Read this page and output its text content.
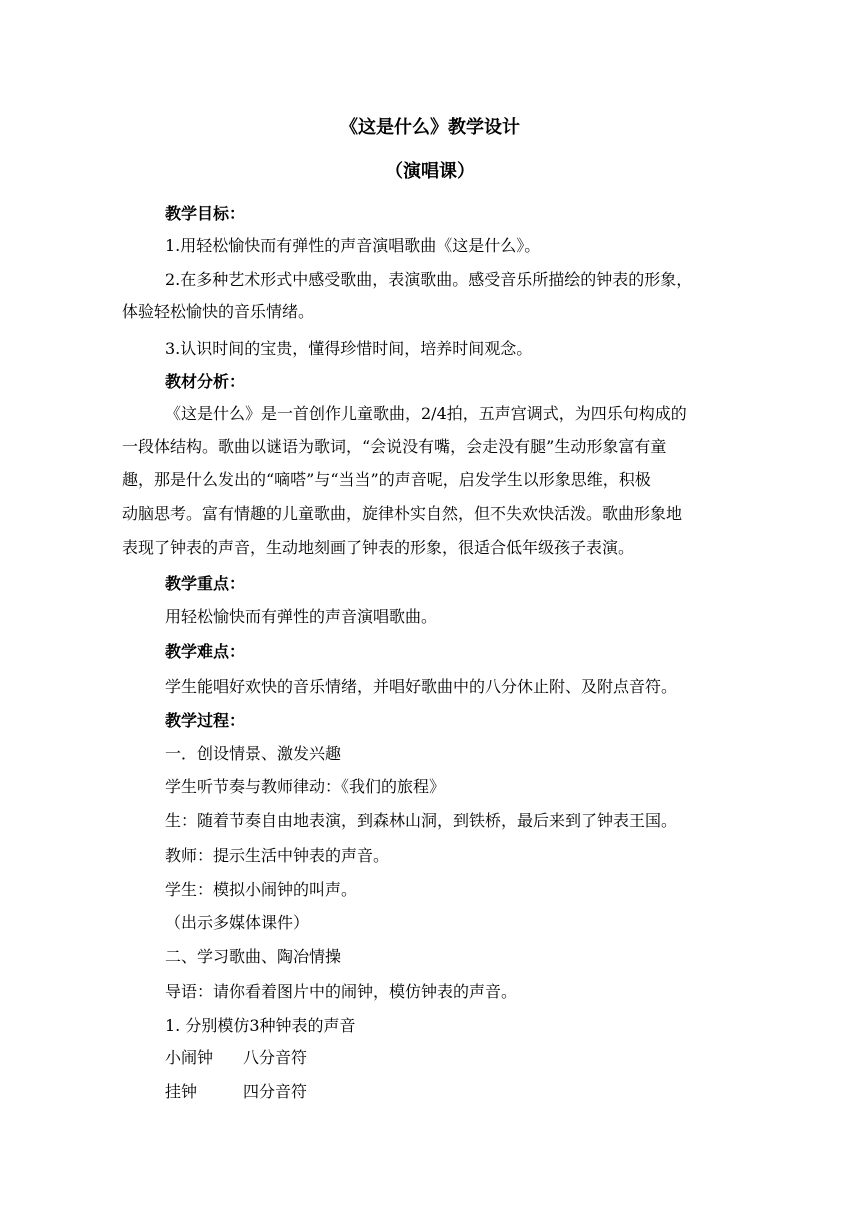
《这是什么》教学设计
（演唱课）
教学目标：
1.用轻松愉快而有弹性的声音演唱歌曲《这是什么》。
2.在多种艺术形式中感受歌曲，表演歌曲。感受音乐所描绘的钟表的形象，
体验轻松愉快的音乐情绪。
3.认识时间的宝贵，懂得珍惜时间，培养时间观念。
教材分析：
《这是什么》是一首创作儿童歌曲，2/4拍，五声宫调式，为四乐句构成的
一段体结构。歌曲以谜语为歌词，“会说没有嘴，会走没有腿”生动形象富有童
趣，那是什么发出的“嘀嗒”与“当当”的声音呢，启发学生以形象思维，积极
动脑思考。富有情趣的儿童歌曲，旋律朴实自然，但不失欢快活泼。歌曲形象地
表现了钟表的声音，生动地刻画了钟表的形象，很适合低年级孩子表演。
教学重点：
用轻松愉快而有弹性的声音演唱歌曲。
教学难点：
学生能唱好欢快的音乐情绪，并唱好歌曲中的八分休止附、及附点音符。
教学过程：
一．创设情景、激发兴趣
学生听节奏与教师律动：《我们的旅程》
生：随着节奏自由地表演，到森林山洞，到铁桥，最后来到了钟表王国。
教师：提示生活中钟表的声音。
学生：模拟小闹钟的叫声。
（出示多媒体课件）
二、学习歌曲、陶冶情操
导语：请你看着图片中的闹钟，模仿钟表的声音。
1. 分别模仿3种钟表的声音
小闹钟 八分音符
挂钟	四分音符
